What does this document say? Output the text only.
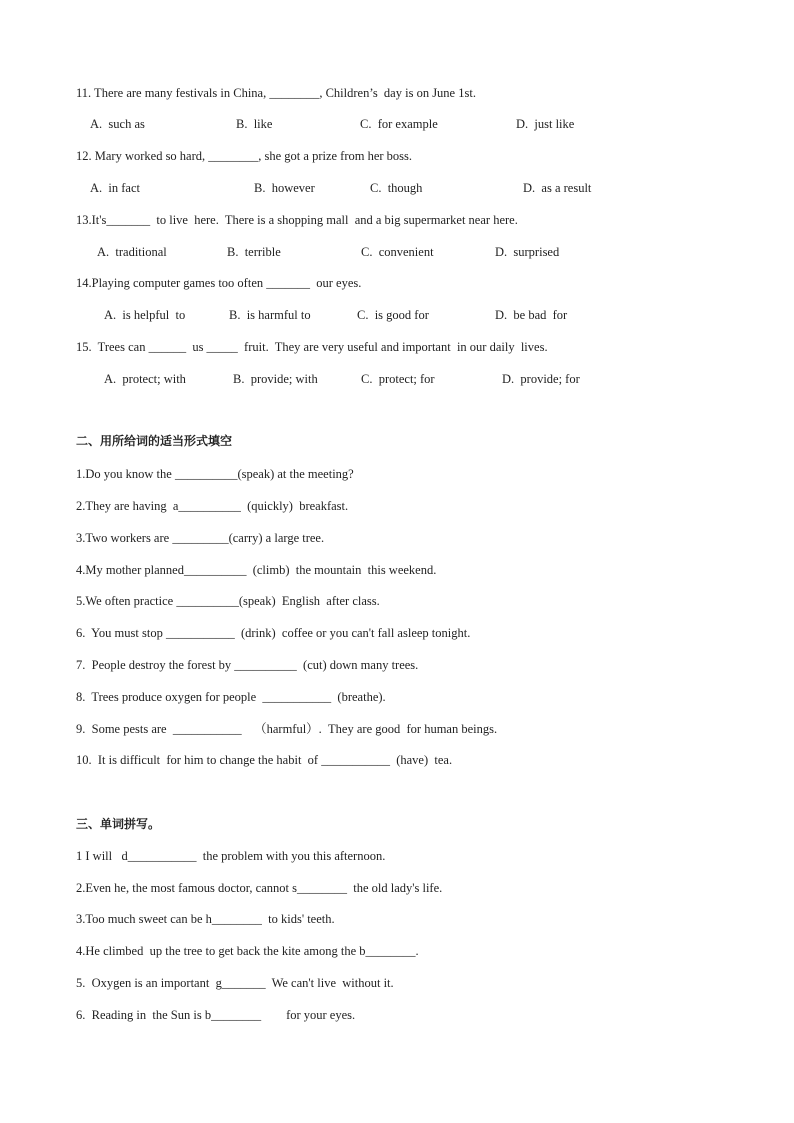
11. There are many festivals in China, ________, Children’s  day is on June 1st.
A.  such as	B.  like	C.  for example	D.  just like
12. Mary worked so hard, ________, she got a prize from her boss.
A.  in fact	B.  however	C.  though	D.  as a result
13.It's_______  to live  here.  There is a shopping mall  and a big supermarket near here.
A.  traditional	B.  terrible	C.  convenient	D.  surprised
14.Playing computer games too often _______  our eyes.
A.  is helpful  to	B.  is harmful to	C.  is good for	D.  be bad  for
15.  Trees can ______  us _____  fruit.  They are very useful and important  in our daily  lives.
A.  protect; with	B.  provide; with	C.  protect; for	D.  provide; for
二、用所给词的适当形式填空
1.Do you know the __________(speak) at the meeting?
2.They are having  a__________  (quickly)  breakfast.
3.Two workers are _________(carry) a large tree.
4.My mother planned__________  (climb)  the mountain  this weekend.
5.We often practice __________(speak)  English  after class.
6.  You must stop ___________  (drink)  coffee or you can't fall asleep tonight.
7.  People destroy the forest by __________  (cut) down many trees.
8.  Trees produce oxygen for people  ___________  (breathe).
9.  Some pests are  ___________    （harmful）.  They are good  for human beings.
10.  It is difficult  for him to change the habit  of ___________  (have)  tea.
三、单词拼写。
1 I will   d___________  the problem with you this afternoon.
2.Even he, the most famous doctor, cannot s________  the old lady's life.
3.Too much sweet can be h________  to kids' teeth.
4.He climbed  up the tree to get back the kite among the b________.
5.  Oxygen is an important  g_______  We can't live  without it.
6.  Reading in  the Sun is b________        for your eyes.
